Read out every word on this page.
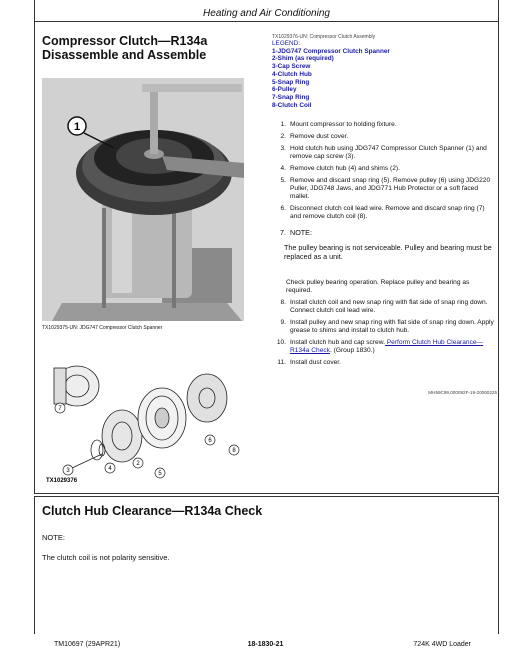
Heating and Air Conditioning
Compressor Clutch—R134a Disassemble and Assemble
TX1029376-UN: Compressor Clutch Assembly
LEGEND:
1-JDG747 Compressor Clutch Spanner
2-Shim (as required)
3-Cap Screw
4-Clutch Hub
5-Snap Ring
6-Pulley
7-Snap Ring
8-Clutch Coil
1. Mount compressor to holding fixture.
2. Remove dust cover.
3. Hold clutch hub using JDG747 Compressor Clutch Spanner (1) and remove cap screw (3).
4. Remove clutch hub (4) and shims (2).
5. Remove and discard snap ring (5). Remove pulley (6) using JDG220 Puller, JDG748 Jaws, and JDG771 Hub Protector or a soft faced mallet.
6. Disconnect clutch coil lead wire. Remove and discard snap ring (7) and remove clutch coil (8).
7. NOTE:
The pulley bearing is not serviceable. Pulley and bearing must be replaced as a unit.
Check pulley bearing operation. Replace pulley and bearing as required.
8. Install clutch coil and new snap ring with flat side of snap ring down. Connect clutch coil lead wire.
9. Install pulley and new snap ring with flat side of snap ring down. Apply grease to shims and install to clutch hub.
10. Install clutch hub and cap screw. Perform Clutch Hub Clearance—R134a Check. (Group 1830.)
11. Install dust cover.
MH59C99,000092F-19-20060225
1
TX1029375-UN: JDG747 Compressor Clutch Spanner
7
8
2
4
6
3	5
TX1029376
Clutch Hub Clearance—R134a Check
NOTE:
The clutch coil is not polarity sensitive.
TM10697 (29APR21)	18-1830-21	724K 4WD Loader
